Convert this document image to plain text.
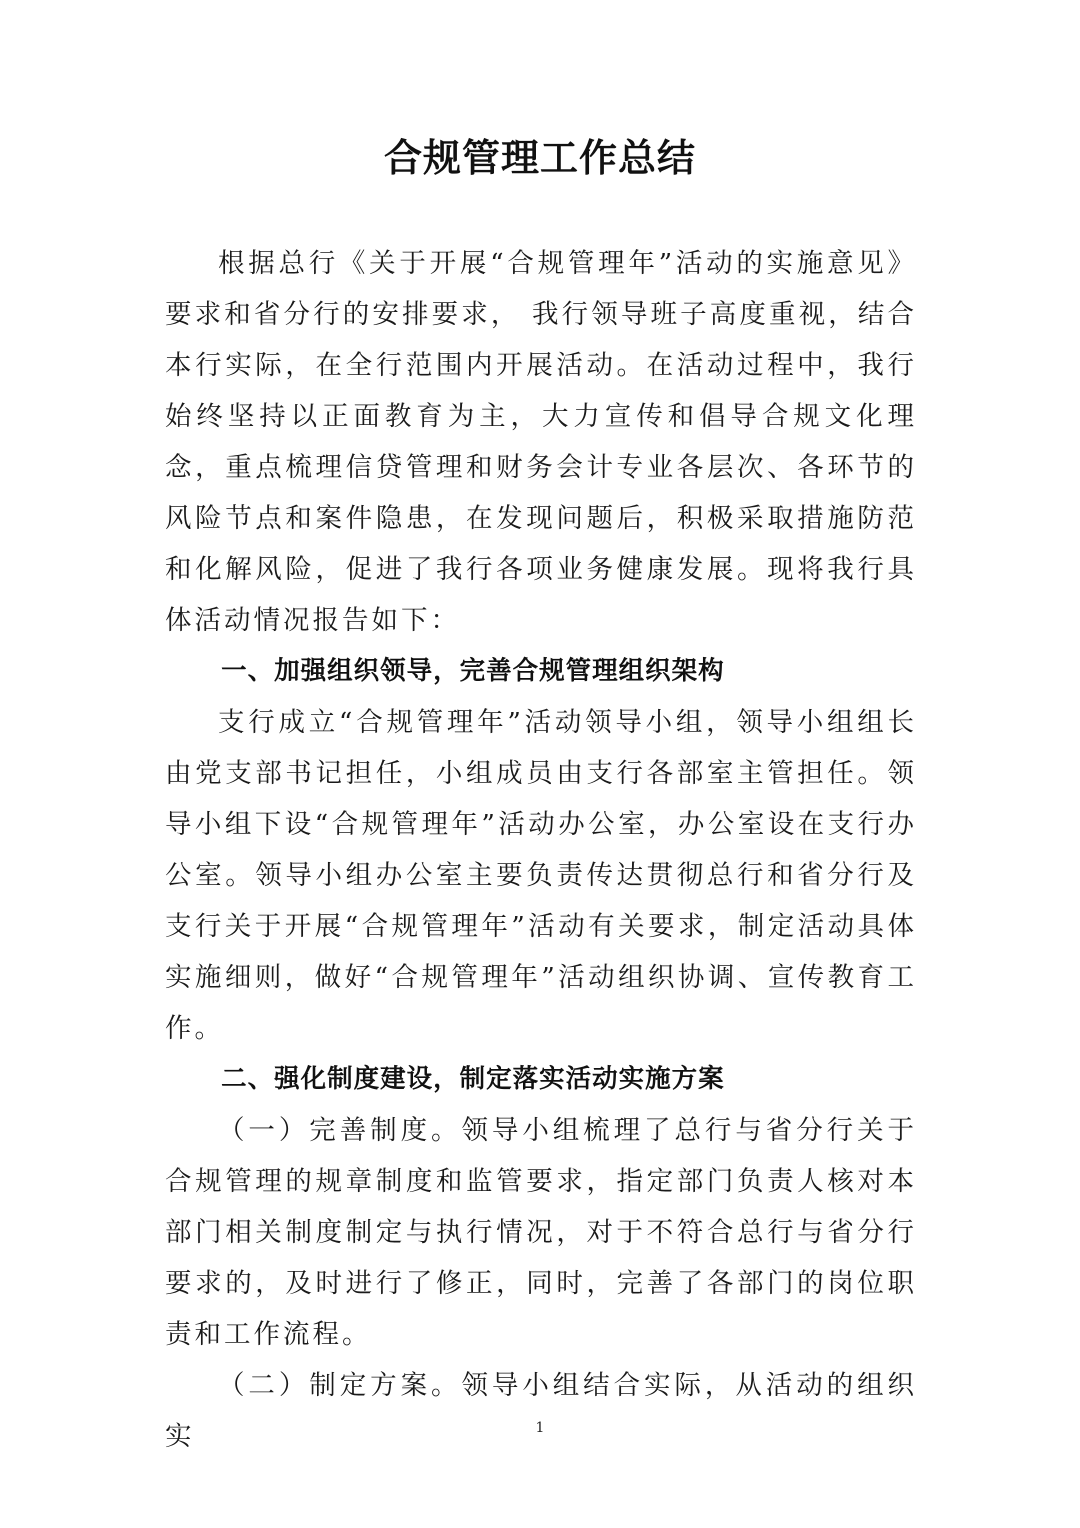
合规管理工作总结

根据总行《关于开展“合规管理年”活动的实施意见》要求和省分行的安排要求， 我行领导班子高度重视，结合本行实际，在全行范围内开展活动。在活动过程中，我行始终坚持以正面教育为主，大力宣传和倡导合规文化理念，重点梳理信贷管理和财务会计专业各层次、各环节的风险节点和案件隐患，在发现问题后，积极采取措施防范和化解风险，促进了我行各项业务健康发展。现将我行具体活动情况报告如下：

一、加强组织领导，完善合规管理组织架构

支行成立“合规管理年”活动领导小组，领导小组组长由党支部书记担任，小组成员由支行各部室主管担任。领导小组下设“合规管理年”活动办公室，办公室设在支行办公室。领导小组办公室主要负责传达贯彻总行和省分行及支行关于开展“合规管理年”活动有关要求，制定活动具体实施细则，做好“合规管理年”活动组织协调、宣传教育工作。

二、强化制度建设，制定落实活动实施方案

（一）完善制度。领导小组梳理了总行与省分行关于合规管理的规章制度和监管要求，指定部门负责人核对本部门相关制度制定与执行情况，对于不符合总行与省分行要求的，及时进行了修正，同时，完善了各部门的岗位职责和工作流程。

（二）制定方案。领导小组结合实际，从活动的组织实	1
